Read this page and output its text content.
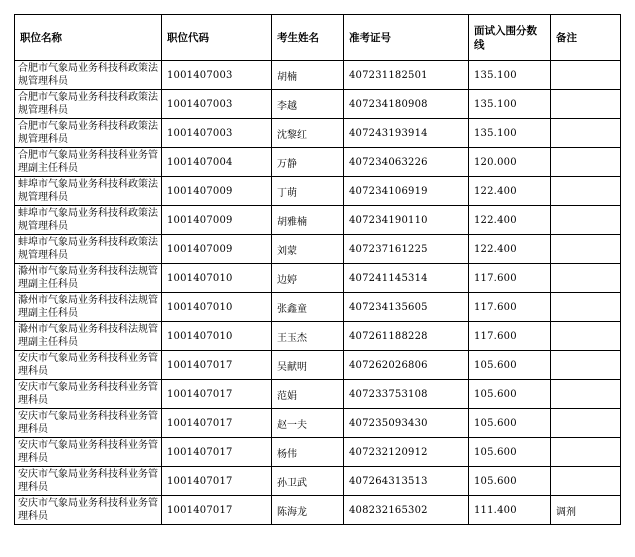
职位名称	职位代码	考生姓名	准考证号	面试入围分数线	备注
合肥市气象局业务科技科政策法规管理科员	1001407003	胡楠	407231182501	135.100	
合肥市气象局业务科技科政策法规管理科员	1001407003	李越	407234180908	135.100	
合肥市气象局业务科技科政策法规管理科员	1001407003	沈黎红	407243193914	135.100	
合肥市气象局业务科技科业务管理副主任科员	1001407004	万静	407234063226	120.000	
蚌埠市气象局业务科技科政策法规管理科员	1001407009	丁萌	407234106919	122.400	
蚌埠市气象局业务科技科政策法规管理科员	1001407009	胡雅楠	407234190110	122.400	
蚌埠市气象局业务科技科政策法规管理科员	1001407009	刘蒙	407237161225	122.400	
滁州市气象局业务科技科法规管理副主任科员	1001407010	边婷	407241145314	117.600	
滁州市气象局业务科技科法规管理副主任科员	1001407010	张鑫童	407234135605	117.600	
滁州市气象局业务科技科法规管理副主任科员	1001407010	王玉杰	407261188228	117.600	
安庆市气象局业务科技科业务管理科员	1001407017	吴献明	407262026806	105.600	
安庆市气象局业务科技科业务管理科员	1001407017	范娟	407233753108	105.600	
安庆市气象局业务科技科业务管理科员	1001407017	赵一夫	407235093430	105.600	
安庆市气象局业务科技科业务管理科员	1001407017	杨伟	407232120912	105.600	
安庆市气象局业务科技科业务管理科员	1001407017	孙卫武	407264313513	105.600	
安庆市气象局业务科技科业务管理科员	1001407017	陈海龙	408232165302	111.400	调剂
